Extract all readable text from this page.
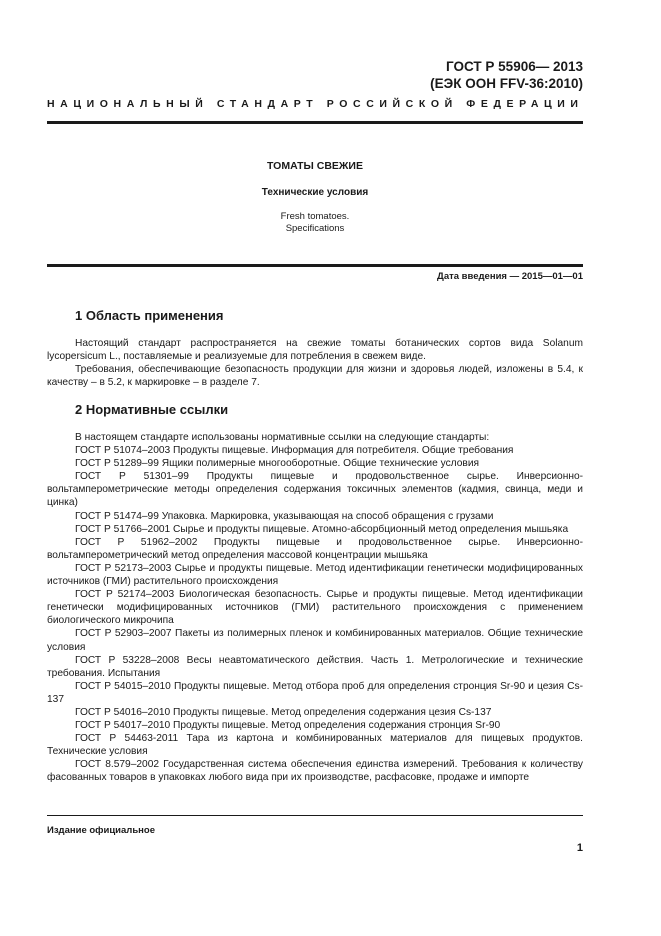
ГОСТ Р 55906— 2013
(ЕЭК ООН FFV-36:2010)
НАЦИОНАЛЬНЫЙ СТАНДАРТ РОССИЙСКОЙ ФЕДЕРАЦИИ
ТОМАТЫ СВЕЖИЕ
Технические условия
Fresh tomatoes.
Specifications
Дата введения — 2015—01—01
1 Область применения

Настоящий стандарт распространяется на свежие томаты ботанических сортов вида Solanum lycopersicum L., поставляемые и реализуемые для потребления в свежем виде.

Требования, обеспечивающие безопасность продукции для жизни и здоровья людей, изложены в 5.4, к качеству – в 5.2, к маркировке – в разделе 7.

2 Нормативные ссылки

В настоящем стандарте использованы нормативные ссылки на следующие стандарты:

ГОСТ Р 51074–2003 Продукты пищевые. Информация для потребителя. Общие требования

ГОСТ Р 51289–99 Ящики полимерные многооборотные. Общие технические условия

ГОСТ Р 51301–99 Продукты пищевые и продовольственное сырье. Инверсионно-вольтамперометрические методы определения содержания токсичных элементов (кадмия, свинца, меди и цинка)

ГОСТ Р 51474–99 Упаковка. Маркировка, указывающая на способ обращения с грузами

ГОСТ Р 51766–2001 Сырье и продукты пищевые. Атомно-абсорбционный метод определения мышьяка

ГОСТ Р 51962–2002 Продукты пищевые и продовольственное сырье. Инверсионно-вольтамперометрический метод определения массовой концентрации мышьяка

ГОСТ Р 52173–2003 Сырье и продукты пищевые. Метод идентификации генетически модифицированных источников (ГМИ) растительного происхождения

ГОСТ Р 52174–2003 Биологическая безопасность. Сырье и продукты пищевые. Метод идентификации генетически модифицированных источников (ГМИ) растительного происхождения с применением биологического микрочипа

ГОСТ Р 52903–2007 Пакеты из полимерных пленок и комбинированных материалов. Общие технические условия

ГОСТ Р 53228–2008 Весы неавтоматического действия. Часть 1. Метрологические и технические требования. Испытания

ГОСТ Р 54015–2010 Продукты пищевые. Метод отбора проб для определения стронция Sr-90 и цезия Cs-137

ГОСТ Р 54016–2010 Продукты пищевые. Метод определения содержания цезия Cs-137

ГОСТ Р 54017–2010 Продукты пищевые. Метод определения содержания стронция Sr-90

ГОСТ Р 54463-2011 Тара из картона и комбинированных материалов для пищевых продуктов. Технические условия

ГОСТ 8.579–2002 Государственная система обеспечения единства измерений. Требования к количеству фасованных товаров в упаковках любого вида при их производстве, расфасовке, продаже и импорте

Издание официальное
1
